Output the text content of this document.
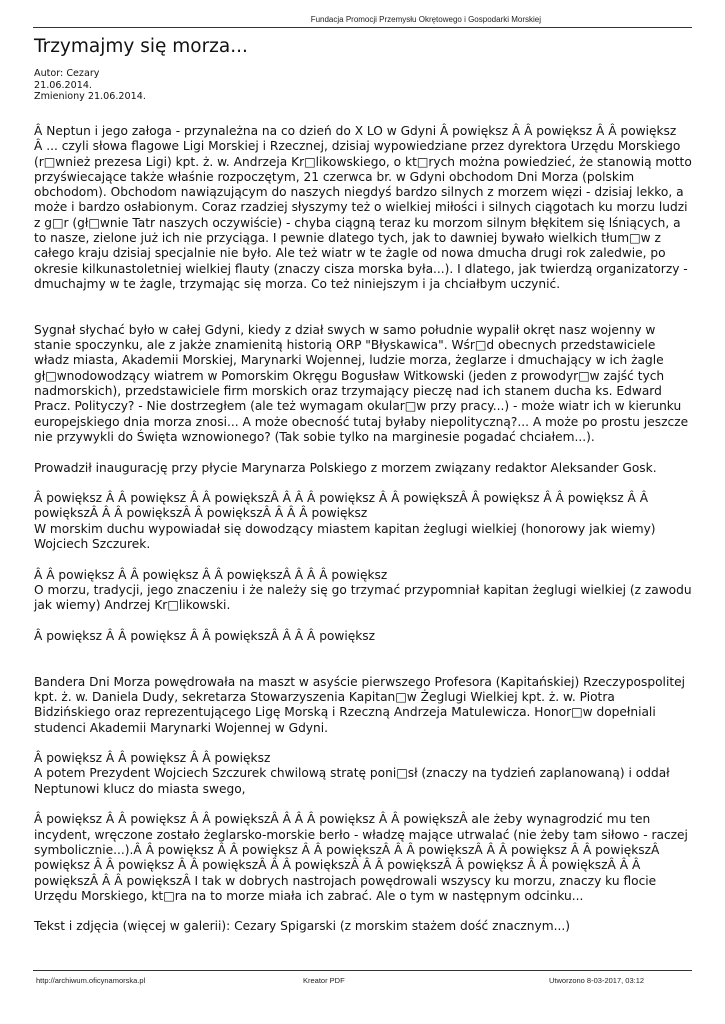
Fundacja Promocji Przemysłu Okrętowego i Gospodarki Morskiej
Trzymajmy się morza...
Autor: Cezary
21.06.2014.
Zmieniony 21.06.2014.

Â Neptun i jego załoga - przynależna na co dzień do X LO w Gdyni Â powiększ Â Â powiększ Â Â powiększ
Â ... czyli słowa flagowe Ligi Morskiej i Rzecznej, dzisiaj wypowiedziane przez dyrektora Urzędu Morskiego (r□wnież prezesa Ligi) kpt. ż. w. Andrzeja Kr□likowskiego, o kt□rych można powiedzieć, że stanowią motto przyświecające także właśnie rozpoczętym, 21 czerwca br. w Gdyni obchodom Dni Morza (polskim obchodom). Obchodom nawiązującym do naszych niegdyś bardzo silnych z morzem więzi - dzisiaj lekko, a może i bardzo osłabionym. Coraz rzadziej słyszymy też o wielkiej miłości i silnych ciągotach ku morzu ludzi z g□r (gł□wnie Tatr naszych oczywiście) - chyba ciągną teraz ku morzom silnym błękitem się lśniących, a to nasze, zielone już ich nie przyciąga. I pewnie dlatego tych, jak to dawniej bywało wielkich tłum□w z całego kraju dzisiaj specjalnie nie było. Ale też wiatr w te żagle od nowa dmucha drugi rok zaledwie, po okresie kilkunastoletniej wielkiej flauty (znaczy cisza morska była...). I dlatego, jak twierdzą organizatorzy - dmuchajmy w te żagle, trzymając się morza. Co też niniejszym i ja chciałbym uczynić.

Sygnał słychać było w całej Gdyni, kiedy z dział swych w samo południe wypalił okręt nasz wojenny w stanie spoczynku, ale z jakże znamienitą historią ORP "Błyskawica". Wśr□d obecnych przedstawiciele władz miasta, Akademii Morskiej, Marynarki Wojennej, ludzie morza, żeglarze i dmuchający w ich żagle gł□wnodowodzący wiatrem w Pomorskim Okręgu Bogusław Witkowski (jeden z prowodyr□w zajść tych nadmorskich), przedstawiciele firm morskich oraz trzymający pieczę nad ich stanem ducha ks. Edward Pracz. Polityczy? - Nie dostrzegłem (ale też wymagam okular□w przy pracy...) - może wiatr ich w kierunku europejskiego dnia morza znosi... A może obecność tutaj byłaby niepolityczną?... A może po prostu jeszcze nie przywykli do Święta wznowionego? (Tak sobie tylko na marginesie pogadać chciałem...).

Prowadził inaugurację przy płycie Marynarza Polskiego z morzem związany redaktor Aleksander Gosk.

Â powiększ Â Â powiększ Â Â powiększÂ Â Â Â powiększ Â Â powiększÂ Â powiększ Â Â powiększ Â Â powiększÂ Â Â powiększÂ Â powiększÂ Â Â Â powiększ
W morskim duchu wypowiadał się dowodzący miastem kapitan żeglugi wielkiej (honorowy jak wiemy) Wojciech Szczurek.

Â Â powiększ Â Â powiększ Â Â powiększÂ Â Â Â powiększ
O morzu, tradycji, jego znaczeniu i że należy się go trzymać przypomniał kapitan żeglugi wielkiej (z zawodu jak wiemy) Andrzej Kr□likowski.

Â powiększ Â Â powiększ Â Â powiększÂ Â Â Â powiększ

Bandera Dni Morza powędrowała na maszt w asyście pierwszego Profesora (Kapitańskiej) Rzeczypospolitej kpt. ż. w. Daniela Dudy, sekretarza Stowarzyszenia Kapitan□w Żeglugi Wielkiej kpt. ż. w. Piotra Bidzińskiego oraz reprezentującego Ligę Morską i Rzeczną Andrzeja Matulewicza. Honor□w dopełniali studenci Akademii Marynarki Wojennej w Gdyni.

Â powiększ Â Â powiększ Â Â powiększ
A potem Prezydent Wojciech Szczurek chwilową stratę poni□sł (znaczy na tydzień zaplanowaną) i oddał Neptunowi klucz do miasta swego,

Â powiększ Â Â powiększ Â Â powiększÂ Â Â Â powiększ Â Â powiększÂ ale żeby wynagrodzić mu ten incydent, wręczone zostało żeglarsko-morskie berło - władzę mające utrwalać (nie żeby tam siłowo - raczej symbolicznie...).Â Â powiększ Â Â powiększ Â Â powiększÂ Â Â powiększÂ Â Â powiększ Â Â powiększÂ powiększ Â Â powiększ Â Â powiększÂ Â Â powiększÂ Â Â powiększÂ Â powiększ Â Â powiększÂ Â Â powiększÂ Â Â powiększÂ I tak w dobrych nastrojach powędrowali wszyscy ku morzu, znaczy ku flocie Urzędu Morskiego, kt□ra na to morze miała ich zabrać. Ale o tym w następnym odcinku...

Tekst i zdjęcia (więcej w galerii): Cezary Spigarski (z morskim stażem dość znacznym...)

http://archiwum.oficynamorska.pl	Kreator PDF	Utworzono 8-03-2017, 03:12
